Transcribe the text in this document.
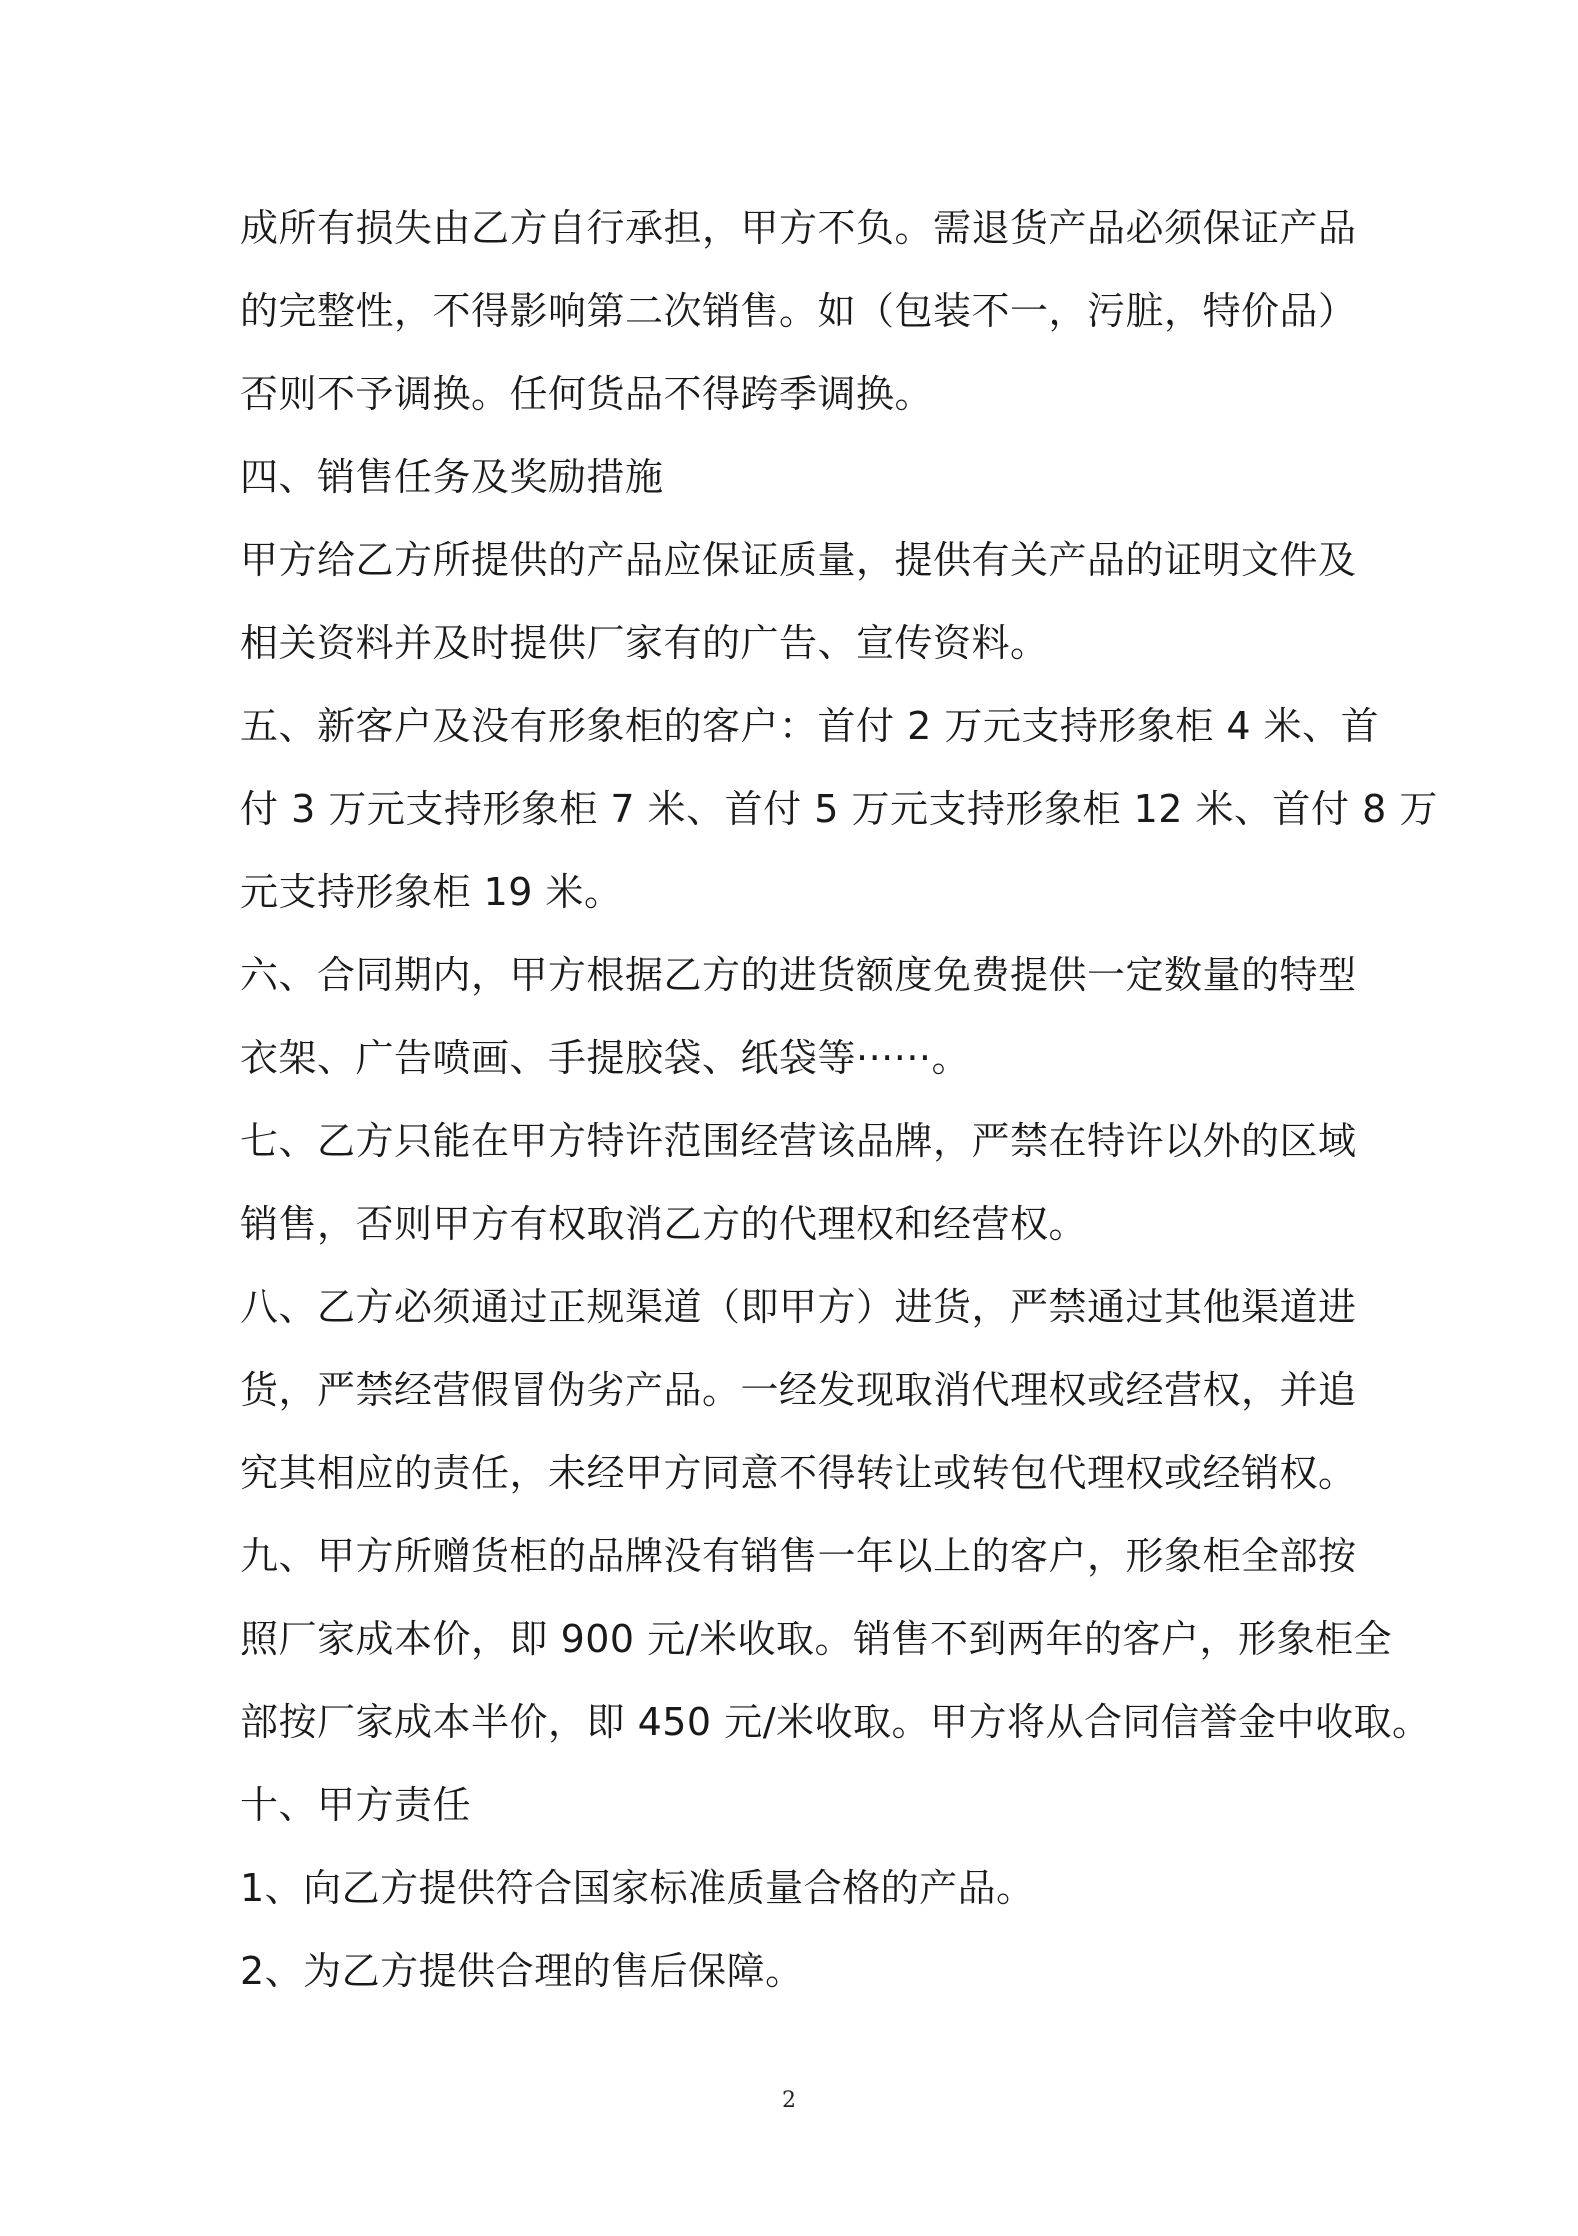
成所有损失由乙方自行承担，甲方不负。需退货产品必须保证产品
的完整性，不得影响第二次销售。如（包装不一，污脏，特价品）
否则不予调换。任何货品不得跨季调换。
四、销售任务及奖励措施
甲方给乙方所提供的产品应保证质量，提供有关产品的证明文件及
相关资料并及时提供厂家有的广告、宣传资料。
五、新客户及没有形象柜的客户：首付 2 万元支持形象柜 4 米、首
付 3 万元支持形象柜 7 米、首付 5 万元支持形象柜 12 米、首付 8 万
元支持形象柜 19 米。
六、合同期内，甲方根据乙方的进货额度免费提供一定数量的特型
衣架、广告喷画、手提胶袋、纸袋等······。
七、乙方只能在甲方特许范围经营该品牌，严禁在特许以外的区域
销售，否则甲方有权取消乙方的代理权和经营权。
八、乙方必须通过正规渠道（即甲方）进货，严禁通过其他渠道进
货，严禁经营假冒伪劣产品。一经发现取消代理权或经营权，并追
究其相应的责任，未经甲方同意不得转让或转包代理权或经销权。
九、甲方所赠货柜的品牌没有销售一年以上的客户，形象柜全部按
照厂家成本价，即 900 元/米收取。销售不到两年的客户，形象柜全
部按厂家成本半价，即 450 元/米收取。甲方将从合同信誉金中收取。
十、甲方责任
1、向乙方提供符合国家标准质量合格的产品。
2、为乙方提供合理的售后保障。
2
